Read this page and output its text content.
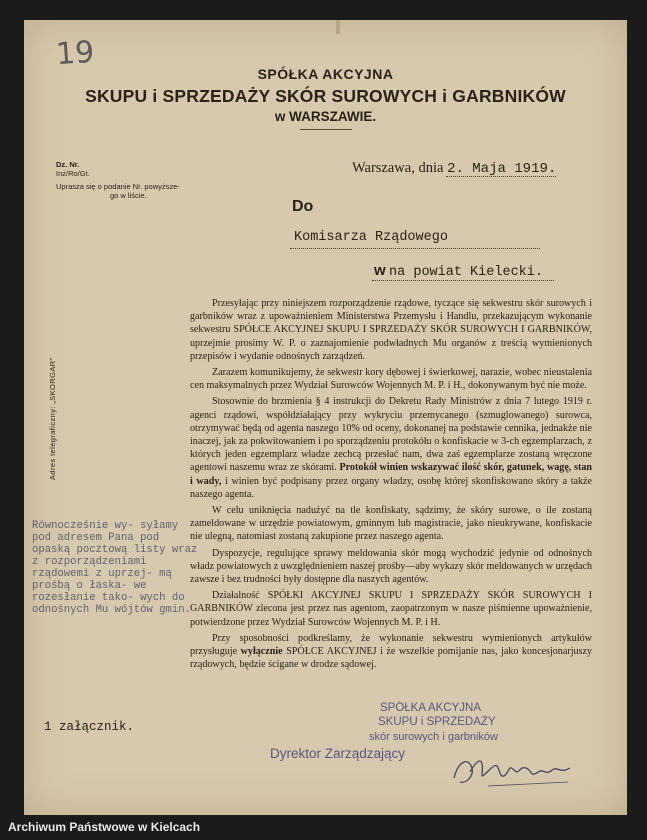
19
SPÓŁKA AKCYJNA
SKUPU i SPRZEDAŻY SKÓR SUROWYCH i GARBNIKÓW
w WARSZAWIE.
Dz. Nr.
Inż/Ro/Gt.
Uprasza się o podanie Nr. powyższe-
go w liście.
Warszawa, dnia 2. Maja 1919.
Do
Komisarza Rządowego
w na powiat Kielecki.
Adres telegraficzny: „SKORGAR"
Równocześnie wy- syłamy pod adresem Pana pod opaską pocztową listy wraz z rozporządzeniami rządowemi z uprzej- mą prośbą o łaska- we rozesłanie tako- wych do odnośnych Mu wójtów gmin.

Przesyłając przy niniejszem rozporządzenie rządowe, tyczące się sekwestru skór surowych i garbników wraz z upoważnieniem Ministerstwa Przemysłu i Handlu, przekazującym wykonanie sekwestru SPÓŁCE AKCYJNEJ SKUPU I SPRZEDAŻY SKÓR SUROWYCH I GARBNIKÓW, uprzejmie prosimy W. P. o zaznajomienie podwładnych Mu organów z treścią wymienionych przepisów i wydanie odnośnych zarządzeń.

Zarazem komunikujemy, że sekwestr kory dębowej i świerkowej, narazie, wobec nieustalenia cen maksymalnych przez Wydział Surowców Wojennych M. P. i H., dokonywanym być nie może.

Stosownie do brzmienia § 4 instrukcji do Dekretu Rady Ministrów z dnia 7 lutego 1919 r. agenci rządowi, współdziałający przy wykryciu przemycanego (szmuglowanego) surowca, otrzymywać będą od agenta naszego 10% od oceny, dokonanej na podstawie cennika, jednakże nie inaczej, jak za pokwitowaniem i po sporządzeniu protokółu o konfiskacie w 3-ch egzemplarzach, z których jeden egzemplarz władze zechcą przesłać nam, dwa zaś egzemplarze zostaną wręczone agentowi naszemu wraz ze skórami. Protokół winien wskazywać ilość skór, gatunek, wagę, stan i wady, i winien być podpisany przez organy władzy, osobę której skonfiskowano skóry a także naszego agenta.

W celu uniknięcia nadużyć na tle konfiskaty, sądzimy, że skóry surowe, o ile zostaną zameldowane w urzędzie powiatowym, gminnym lub magistracie, jako nieukrywane, konfiskacie nie ulegną, natomiast zostaną zakupione przez naszego agenta.

Dyspozycje, regulujące sprawy meldowania skór mogą wychodzić jedynie od odnośnych władz powiatowych z uwzględnieniem naszej prośby—aby wykazy skór meldowanych w urzędach zawsze i bez trudności były dostępne dla naszych agentów.

Działalność SPÓŁKI AKCYJNEJ SKUPU I SPRZEDAŻY SKÓR SUROWYCH I GARBNIKÓW zlecona jest przez nas agentom, zaopatrzonym w nasze piśmienne upoważnienie, potwierdzone przez Wydział Surowców Wojennych M. P. i H.

Przy sposobności podkreślamy, że wykonanie sekwestru wymienionych artykułów przysługuje wyłącznie SPÓŁCE AKCYJNEJ i że wszelkie pomijanie nas, jako koncesjonarjuszy rządowych, będzie ścigane w drodze sądowej.

1 załącznik.
SPÓŁKA AKCYJNA
SKUPU i SPRZEDAŻY
skór surowych i garbników
Dyrektor Zarządzający
Archiwum Państwowe w Kielcach
